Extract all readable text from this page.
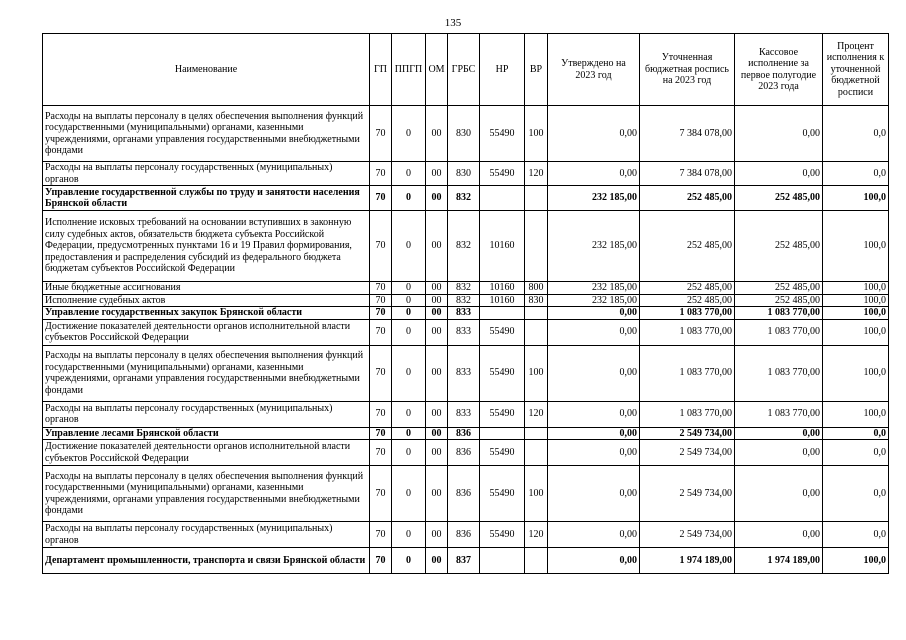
135
Наименование	ГП	ППГП	ОМ	ГРБС	НР	ВР	Утверждено на 2023 год	Уточненная бюджетная роспись на 2023 год	Кассовое исполнение за первое полугодие 2023 года	Процент исполнения к уточненной бюджетной росписи
Расходы на выплаты персоналу в целях обеспечения выполнения функций государственными (муниципальными) органами, казенными учреждениями, органами управления государственными внебюджетными фондами	70	0	00	830	55490	100	0,00	7 384 078,00	0,00	0,0
Расходы на выплаты персоналу государственных (муниципальных) органов	70	0	00	830	55490	120	0,00	7 384 078,00	0,00	0,0
Управление государственной службы по труду и занятости населения Брянской области	70	0	00	832			232 185,00	252 485,00	252 485,00	100,0
Исполнение исковых требований на основании вступивших в законную силу судебных актов, обязательств бюджета субъекта Российской Федерации, предусмотренных пунктами 16 и 19 Правил формирования, предоставления и распределения субсидий из федерального бюджета бюджетам субъектов Российской Федерации	70	0	00	832	10160		232 185,00	252 485,00	252 485,00	100,0
Иные бюджетные ассигнования	70	0	00	832	10160	800	232 185,00	252 485,00	252 485,00	100,0
Исполнение судебных актов	70	0	00	832	10160	830	232 185,00	252 485,00	252 485,00	100,0
Управление государственных закупок Брянской области	70	0	00	833			0,00	1 083 770,00	1 083 770,00	100,0
Достижение показателей деятельности органов исполнительной власти субъектов Российской Федерации	70	0	00	833	55490		0,00	1 083 770,00	1 083 770,00	100,0
Расходы на выплаты персоналу в целях обеспечения выполнения функций государственными (муниципальными) органами, казенными учреждениями, органами управления государственными внебюджетными фондами	70	0	00	833	55490	100	0,00	1 083 770,00	1 083 770,00	100,0
Расходы на выплаты персоналу государственных (муниципальных) органов	70	0	00	833	55490	120	0,00	1 083 770,00	1 083 770,00	100,0
Управление лесами Брянской области	70	0	00	836			0,00	2 549 734,00	0,00	0,0
Достижение показателей деятельности органов исполнительной власти субъектов Российской Федерации	70	0	00	836	55490		0,00	2 549 734,00	0,00	0,0
Расходы на выплаты персоналу в целях обеспечения выполнения функций государственными (муниципальными) органами, казенными учреждениями, органами управления государственными внебюджетными фондами	70	0	00	836	55490	100	0,00	2 549 734,00	0,00	0,0
Расходы на выплаты персоналу государственных (муниципальных) органов	70	0	00	836	55490	120	0,00	2 549 734,00	0,00	0,0
Департамент промышленности, транспорта и связи Брянской области	70	0	00	837			0,00	1 974 189,00	1 974 189,00	100,0
